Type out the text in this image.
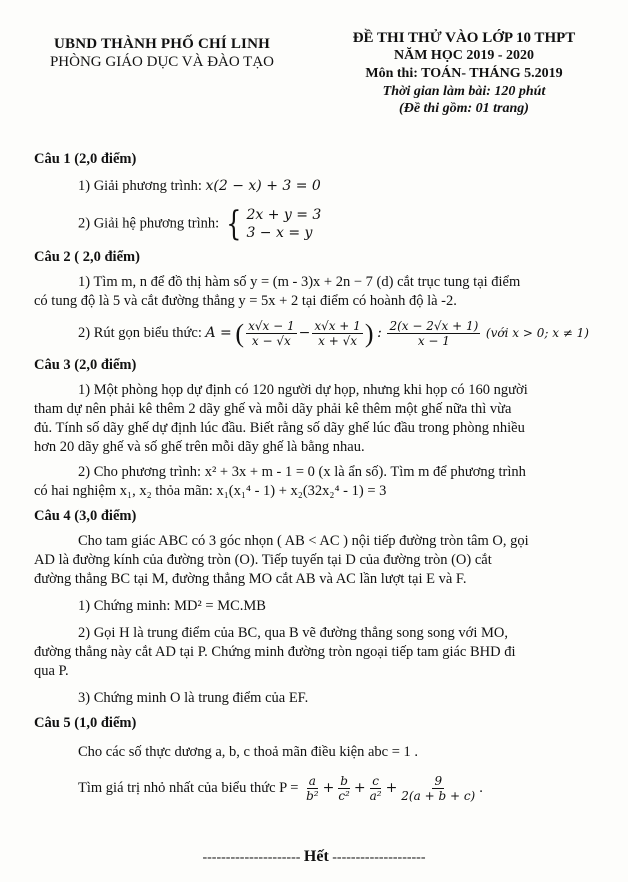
UBND THÀNH PHỐ CHÍ LINH
PHÒNG GIÁO DỤC VÀ ĐÀO TẠO
ĐỀ THI THỬ VÀO LỚP 10 THPT
NĂM HỌC 2019 - 2020
Môn thi: TOÁN- THÁNG 5.2019
Thời gian làm bài: 120 phút
(Đề thi gồm: 01 trang)

Câu 1 (2,0 điểm)

1) Giải phương trình: x(2 − x) + 3 = 0

2) Giải hệ phương trình: { 2x + y = 3
3 − x = y

Câu 2 ( 2,0 điểm)

1) Tìm m, n để đồ thị hàm số y = (m - 3)x + 2n − 7 (d) cắt trục tung tại điểm

có tung độ là 5 và cắt đường thẳng y = 5x + 2 tại điểm có hoành độ là -2.

2) Rút gọn biểu thức: A = ( $\frac{x√x - 1}{x - √x} - \frac{x√x + 1}{x + √x}$ ) : $\frac{2(x - 2√x + 1)}{x - 1}$ (với x > 0; x ≠ 1)

Câu 3 (2,0 điểm)

1) Một phòng họp dự định có 120 người dự họp, nhưng khi họp có 160 người

tham dự nên phải kê thêm 2 dãy ghế và mỗi dãy phải kê thêm một ghế nữa thì vừa

đủ. Tính số dãy ghế dự định lúc đầu. Biết rằng số dãy ghế lúc đầu trong phòng nhiều

hơn 20 dãy ghế và số ghế trên mỗi dãy ghế là bằng nhau.

2) Cho phương trình: x² + 3x + m - 1 = 0 (x là ẩn số). Tìm m để phương trình

có hai nghiệm x₁, x₂ thỏa mãn: x₁(x₁⁴ - 1) + x₂(32x₂⁴ - 1) = 3

Câu 4 (3,0 điểm)

Cho tam giác ABC có 3 góc nhọn ( AB < AC ) nội tiếp đường tròn tâm O, gọi

AD là đường kính của đường tròn (O). Tiếp tuyến tại D của đường tròn (O) cắt

đường thẳng BC tại M, đường thẳng MO cắt AB và AC lần lượt tại E và F.

1) Chứng minh: MD² = MC.MB

2) Gọi H là trung điểm của BC, qua B vẽ đường thẳng song song với MO,

đường thẳng này cắt AD tại P. Chứng minh đường tròn ngoại tiếp tam giác BHD đi

qua P.

3) Chứng minh O là trung điểm của EF.

Câu 5 (1,0 điểm)

Cho các số thực dương a, b, c thoả mãn điều kiện abc = 1 .

Tìm giá trị nhỏ nhất của biểu thức $P = \frac{a}{\text{b²}} + \frac{b}{\text{c²}} + \frac{c}{\text{a²}} + \frac{9}{2(a + b + c)}$ .

--------------------- Hết --------------------
